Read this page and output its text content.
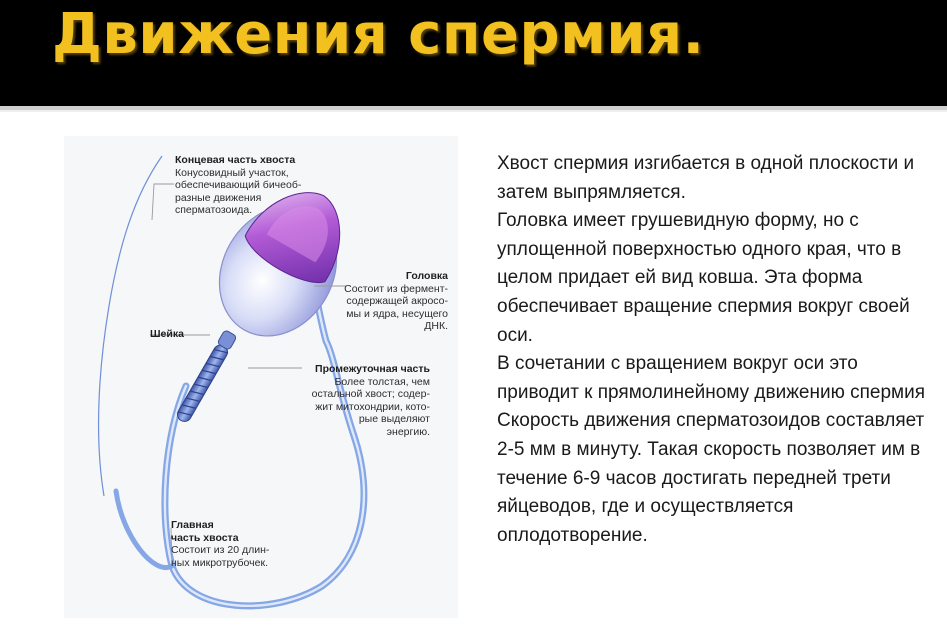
Движения спермия.
Концевая часть хвоста
Конусовидный участок,
обеспечивающий бичеоб-
разные движения
сперматозоида.
Головка
Состоит из фермент-
содержащей акросо-
мы и ядра, несущего
ДНК.
Шейка
Промежуточная часть
Более толстая, чем
остальной хвост; содер-
жит митохондрии, кото-
рые выделяют
энергию.
Главная
часть хвоста
Состоит из 20 длин-
ных микротрубочек.

Хвост спермия изгибается в одной плоскости и затем выпрямляется.

Головка имеет грушевидную форму, но с уплощенной поверхностью одного края, что в целом придает ей вид ковша. Эта форма обеспечивает вращение спермия вокруг своей оси.

В сочетании с вращением вокруг оси это приводит к прямолинейному движению спермия

Скорость движения сперматозоидов составляет 2-5 мм в минуту. Такая скорость позволяет им в течение 6-9 часов достигать передней трети яйцеводов, где и осуществляется оплодотворение.
